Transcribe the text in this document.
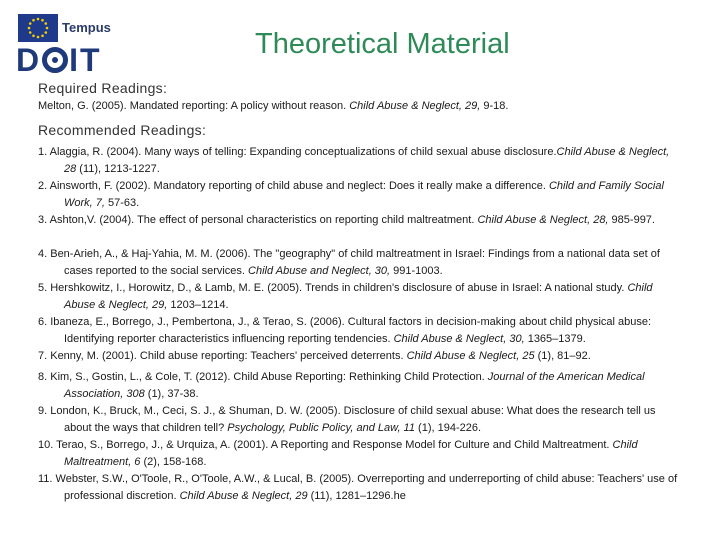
Tempus
D IT	Theoretical Material
Required Readings:
Melton, G. (2005). Mandated reporting: A policy without reason. Child Abuse & Neglect, 29, 9-18.
Recommended Readings:
1. Alaggia, R. (2004). Many ways of telling: Expanding conceptualizations of child sexual abuse disclosure.Child Abuse & Neglect, 28 (11), 1213-1227.
2. Ainsworth, F. (2002). Mandatory reporting of child abuse and neglect: Does it really make a difference. Child and Family Social Work, 7, 57-63.
3. Ashton,V. (2004). The effect of personal characteristics on reporting child maltreatment. Child Abuse & Neglect, 28, 985-997.
4. Ben-Arieh, A., & Haj-Yahia, M. M. (2006). The "geography" of child maltreatment in Israel: Findings from a national data set of cases reported to the social services. Child Abuse and Neglect, 30, 991-1003.
5. Hershkowitz, I., Horowitz, D., & Lamb, M. E. (2005). Trends in children's disclosure of abuse in Israel: A national study. Child Abuse & Neglect, 29, 1203–1214.
6. Ibaneza, E., Borrego, J., Pembertona, J., & Terao, S. (2006). Cultural factors in decision-making about child physical abuse: Identifying reporter characteristics influencing reporting tendencies. Child Abuse & Neglect, 30, 1365–1379.
7. Kenny, M. (2001). Child abuse reporting: Teachers' perceived deterrents. Child Abuse & Neglect, 25 (1), 81–92.
8. Kim, S., Gostin, L., & Cole, T. (2012). Child Abuse Reporting: Rethinking Child Protection. Journal of the American Medical Association, 308 (1), 37-38.
9. London, K., Bruck, M., Ceci, S. J., & Shuman, D. W. (2005). Disclosure of child sexual abuse: What does the research tell us about the ways that children tell? Psychology, Public Policy, and Law, 11 (1), 194-226.
10. Terao, S., Borrego, J., & Urquiza, A. (2001). A Reporting and Response Model for Culture and Child Maltreatment. Child Maltreatment, 6 (2), 158-168.
11. Webster, S.W., O'Toole, R., O'Toole, A.W., & Lucal, B. (2005). Overreporting and underreporting of child abuse: Teachers' use of professional discretion. Child Abuse & Neglect, 29 (11), 1281–1296.he
